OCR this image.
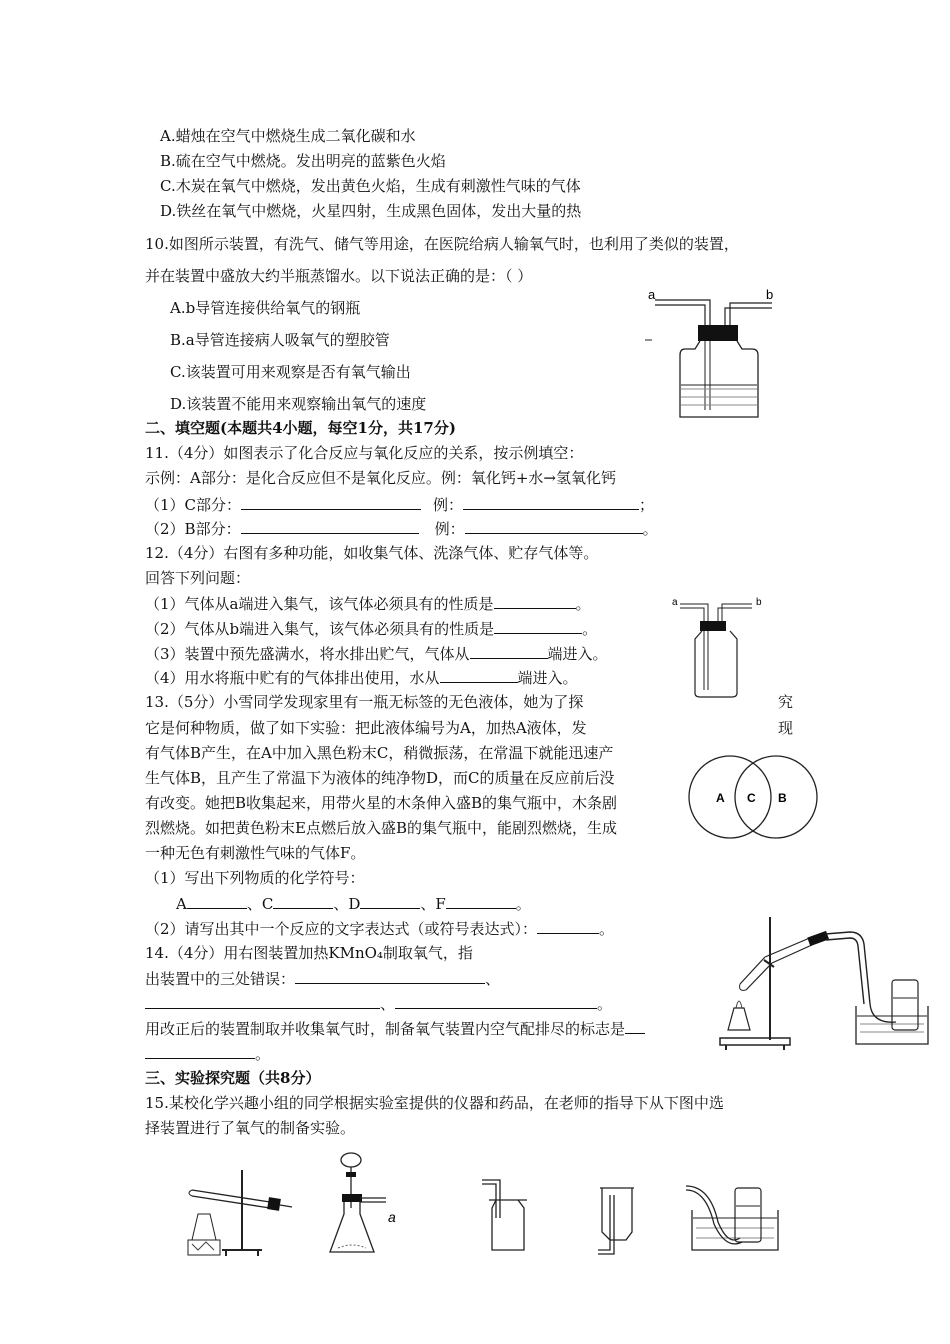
A.蜡烛在空气中燃烧生成二氧化碳和水
B.硫在空气中燃烧。发出明亮的蓝紫色火焰
C.木炭在氧气中燃烧，发出黄色火焰，生成有刺激性气味的气体
D.铁丝在氧气中燃烧，火星四射，生成黑色固体，发出大量的热
10.如图所示装置，有洗气、储气等用途，在医院给病人输氧气时，也利用了类似的装置，
并在装置中盛放大约半瓶蒸馏水。以下说法正确的是：（ ）
A.b导管连接供给氧气的钢瓶
B.a导管连接病人吸氧气的塑胶管
C.该装置可用来观察是否有氧气输出
D.该装置不能用来观察输出氧气的速度
a	b
二、填空题(本题共4小题，每空1分，共17分)
11.（4分）如图表示了化合反应与氧化反应的关系，按示例填空：
示例：A部分：是化合反应但不是氧化反应。例：氧化钙+水→氢氧化钙
（1）C部分：	例：	；
（2）B部分：	例：	。
12.（4分）右图有多种功能，如收集气体、洗涤气体、贮存气体等。
回答下列问题：
（1）气体从a端进入集气，该气体必须具有的性质是	。
（2）气体从b端进入集气，该气体必须具有的性质是	。
（3）装置中预先盛满水，将水排出贮气，气体从	端进入。
（4）用水将瓶中贮有的气体排出使用，水从	端进入。
a	b
13.（5分）小雪同学发现家里有一瓶无标签的无色液体，她为了探	究
它是何种物质，做了如下实验：把此液体编号为A，加热A液体，发	现
有气体B产生，在A中加入黑色粉末C，稍微振荡，在常温下就能迅速产
生气体B，且产生了常温下为液体的纯净物D，而C的质量在反应前后没
有改变。她把B收集起来，用带火星的木条伸入盛B的集气瓶中，木条剧
烈燃烧。如把黄色粉末E点燃后放入盛B的集气瓶中，能剧烈燃烧，生成
一种无色有刺激性气味的气体F。
（1）写出下列物质的化学符号：
A	、C	、D	、F	。
（2）请写出其中一个反应的文字表达式（或符号表达式）：	。
A C B
14.（4分）用右图装置加热KMnO₄制取氧气，指
出装置中的三处错误：	、
、	。
用改正后的装置制取并收集氧气时，制备氧气装置内空气配排尽的标志是
。
三、实验探究题（共8分）
15.某校化学兴趣小组的同学根据实验室提供的仪器和药品，在老师的指导下从下图中选
择装置进行了氧气的制备实验。
a
